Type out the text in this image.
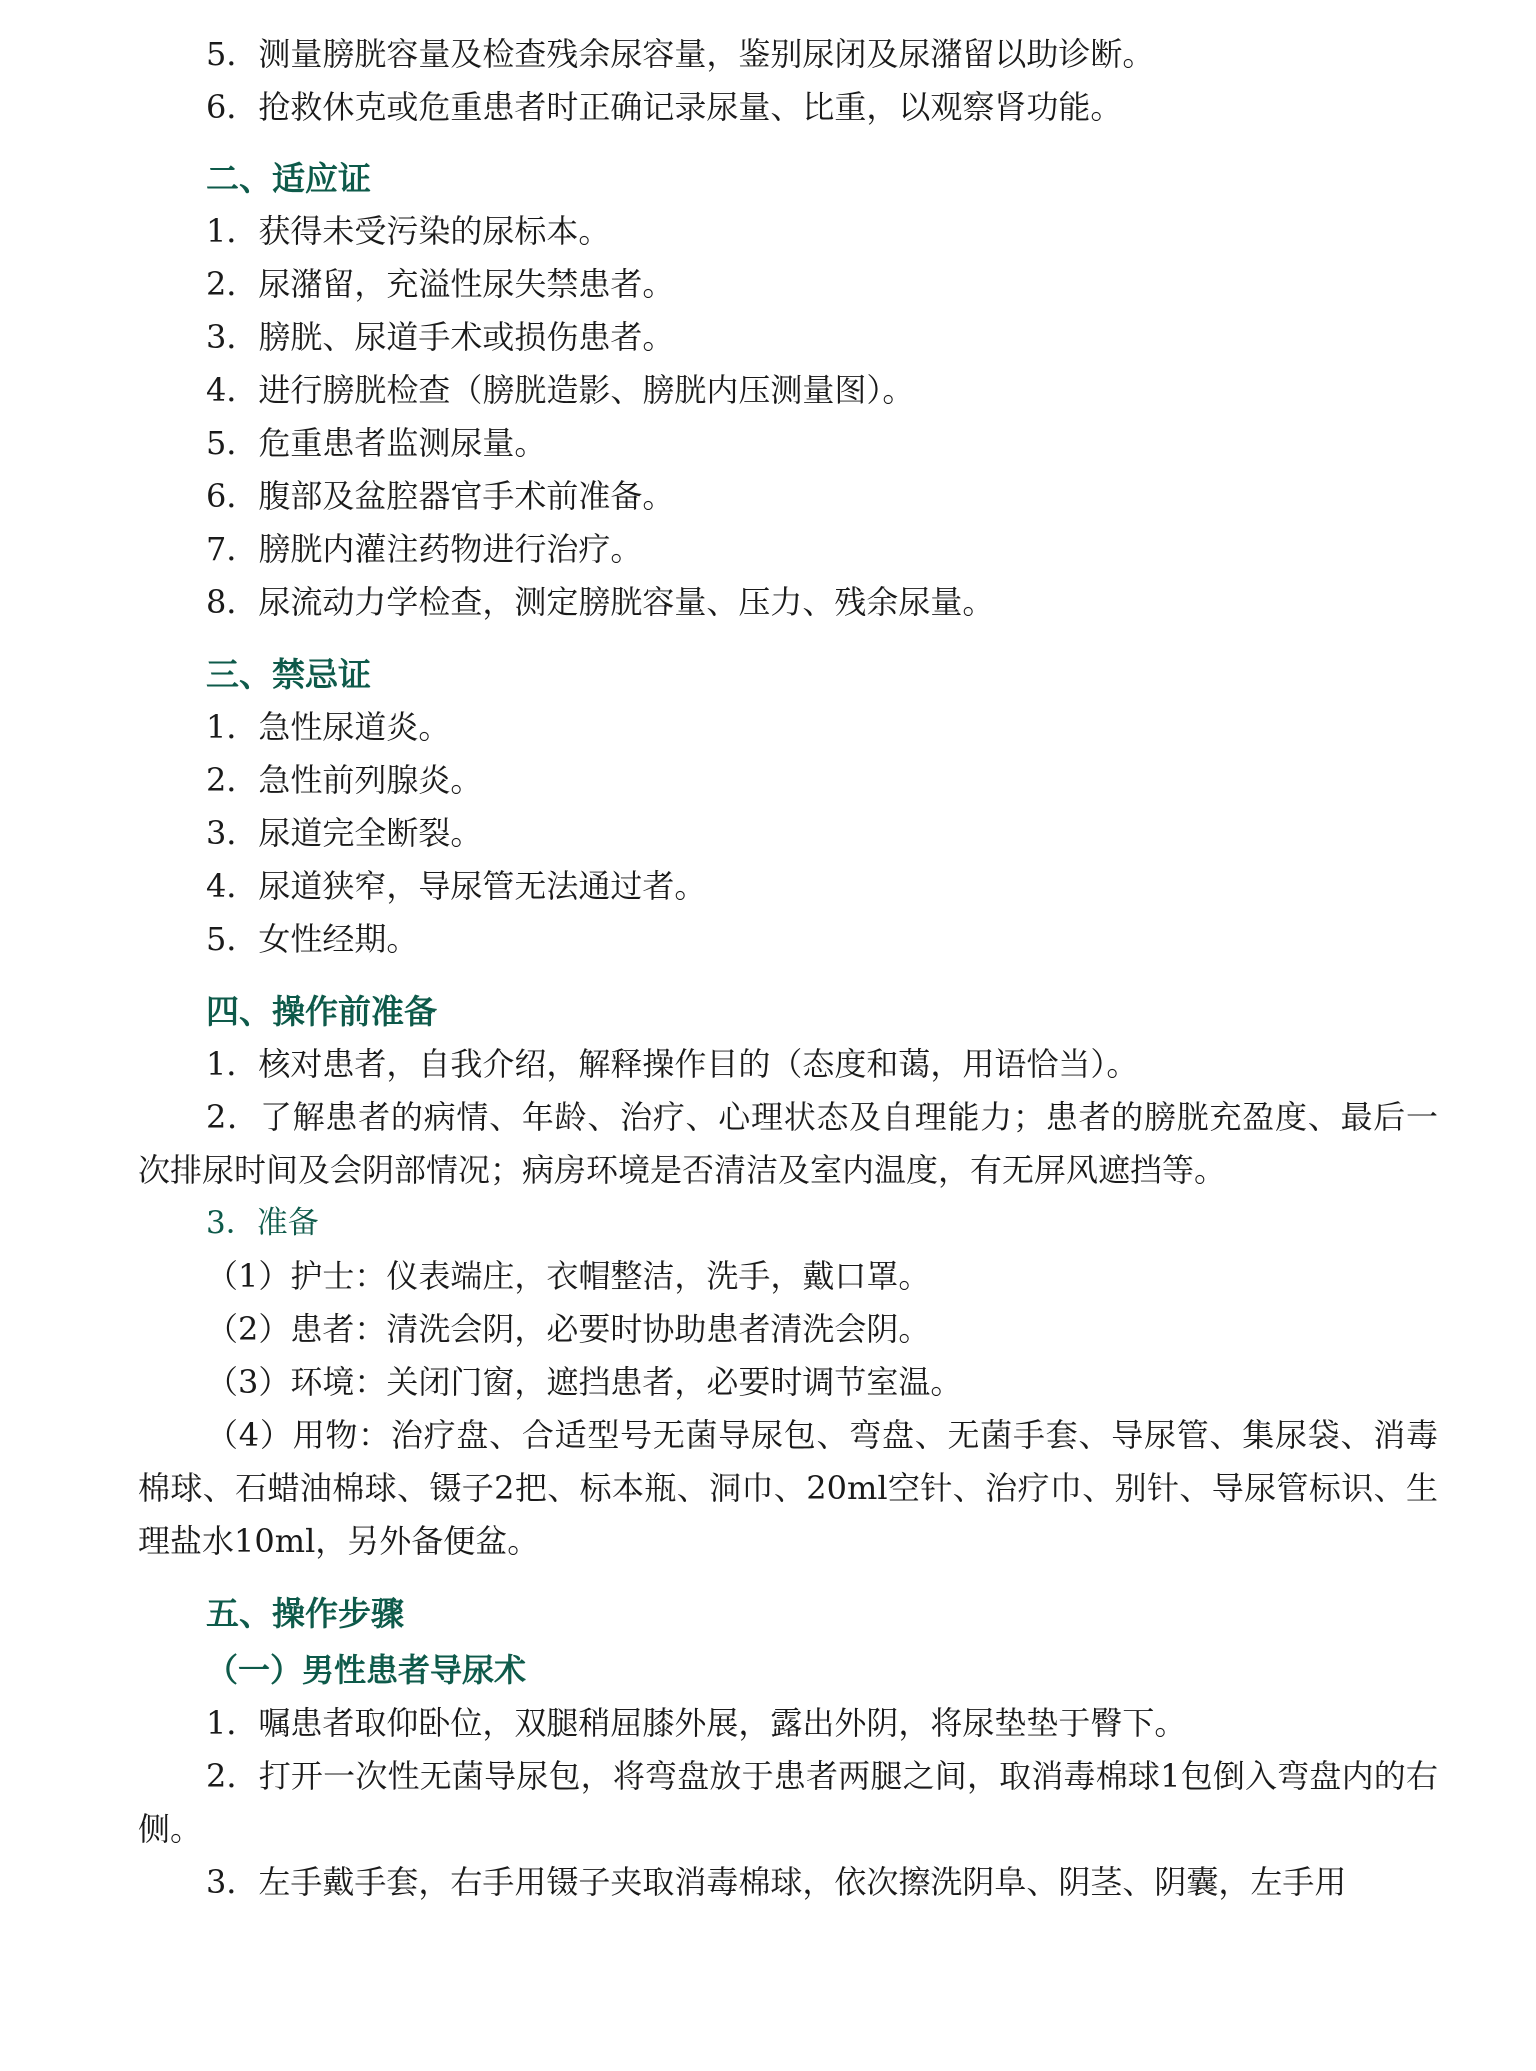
5．测量膀胱容量及检查残余尿容量，鉴别尿闭及尿潴留以助诊断。

6．抢救休克或危重患者时正确记录尿量、比重，以观察肾功能。

二、适应证

1．获得未受污染的尿标本。

2．尿潴留，充溢性尿失禁患者。

3．膀胱、尿道手术或损伤患者。

4．进行膀胱检查（膀胱造影、膀胱内压测量图）。

5．危重患者监测尿量。

6．腹部及盆腔器官手术前准备。

7．膀胱内灌注药物进行治疗。

8．尿流动力学检查，测定膀胱容量、压力、残余尿量。

三、禁忌证

1．急性尿道炎。

2．急性前列腺炎。

3．尿道完全断裂。

4．尿道狭窄，导尿管无法通过者。

5．女性经期。

四、操作前准备

1．核对患者，自我介绍，解释操作目的（态度和蔼，用语恰当）。

2．了解患者的病情、年龄、治疗、心理状态及自理能力；患者的膀胱充盈度、最后一次排尿时间及会阴部情况；病房环境是否清洁及室内温度，有无屏风遮挡等。

3．准备

（1）护士：仪表端庄，衣帽整洁，洗手，戴口罩。

（2）患者：清洗会阴，必要时协助患者清洗会阴。

（3）环境：关闭门窗，遮挡患者，必要时调节室温。

（4）用物：治疗盘、合适型号无菌导尿包、弯盘、无菌手套、导尿管、集尿袋、消毒棉球、石蜡油棉球、镊子2把、标本瓶、洞巾、20ml空针、治疗巾、别针、导尿管标识、生理盐水10ml，另外备便盆。

五、操作步骤
（一）男性患者导尿术

1．嘱患者取仰卧位，双腿稍屈膝外展，露出外阴，将尿垫垫于臀下。

2．打开一次性无菌导尿包，将弯盘放于患者两腿之间，取消毒棉球1包倒入弯盘内的右侧。

3．左手戴手套，右手用镊子夹取消毒棉球，依次擦洗阴阜、阴茎、阴囊，左手用
